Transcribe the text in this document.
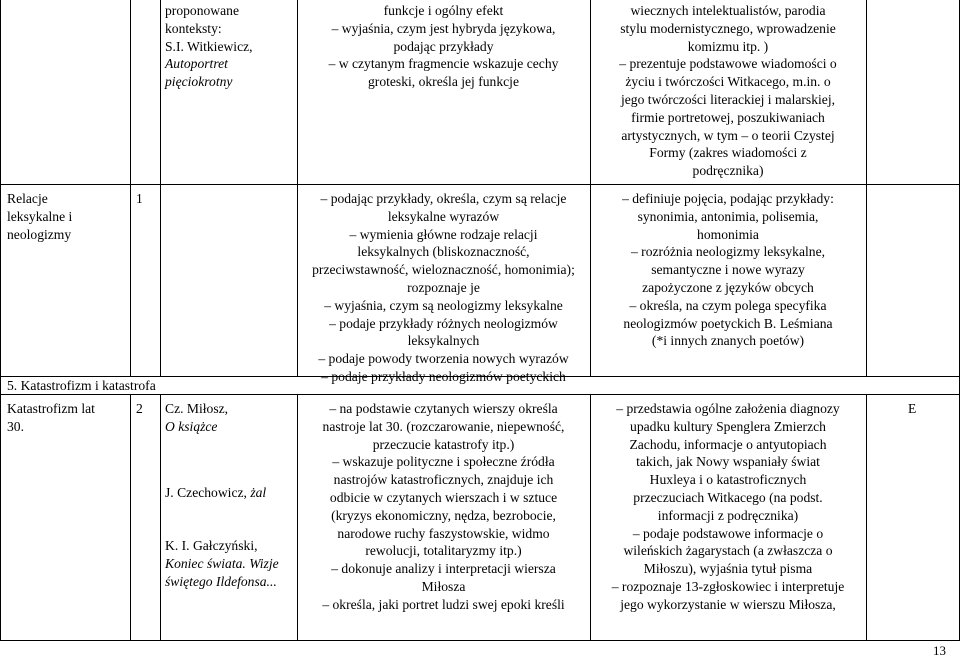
proponowane
konteksty:
S.I. Witkiewicz,
Autoportret
pięciokrotny
funkcje i ogólny efekt
– wyjaśnia, czym jest hybryda językowa,
podając przykłady
– w czytanym fragmencie wskazuje cechy
groteski, określa jej funkcje
wiecznych intelektualistów, parodia
stylu modernistycznego, wprowadzenie
komizmu itp. )
– prezentuje podstawowe wiadomości o
życiu i twórczości Witkacego, m.in. o
jego twórczości literackiej i malarskiej,
firmie portretowej, poszukiwaniach
artystycznych, w tym – o teorii Czystej
Formy (zakres wiadomości z
podręcznika)
Relacje
leksykalne i
neologizmy
1	– podając przykłady, określa, czym są relacje
leksykalne wyrazów
– wymienia główne rodzaje relacji
leksykalnych (bliskoznaczność,
przeciwstawność, wieloznaczność, homonimia);
rozpoznaje je
– wyjaśnia, czym są neologizmy leksykalne
– podaje przykłady różnych neologizmów
leksykalnych
– podaje powody tworzenia nowych wyrazów
– podaje przykłady neologizmów poetyckich
– definiuje pojęcia, podając przykłady:
synonimia, antonimia, polisemia,
homonimia
– rozróżnia neologizmy leksykalne,
semantyczne i nowe wyrazy
zapożyczone z języków obcych
– określa, na czym polega specyfika
neologizmów poetyckich B. Leśmiana
(*i innych znanych poetów)
5. Katastrofizm i katastrofa
Katastrofizm lat
30.
2 Cz. Miłosz,
O książce
J. Czechowicz, żal
K. I. Gałczyński,
Koniec świata. Wizje
świętego Ildefonsa...
– na podstawie czytanych wierszy określa
nastroje lat 30. (rozczarowanie, niepewność,
przeczucie katastrofy itp.)
– wskazuje polityczne i społeczne źródła
nastrojów katastroficznych, znajduje ich
odbicie w czytanych wierszach i w sztuce
(kryzys ekonomiczny, nędza, bezrobocie,
narodowe ruchy faszystowskie, widmo
rewolucji, totalitaryzmy itp.)
– dokonuje analizy i interpretacji wiersza
Miłosza
– określa, jaki portret ludzi swej epoki kreśli
– przedstawia ogólne założenia diagnozy
upadku kultury Spenglera Zmierzch
Zachodu, informacje o antyutopiach
takich, jak Nowy wspaniały świat
Huxleya i o katastroficznych
przeczuciach Witkacego (na podst.
informacji z podręcznika)
– podaje podstawowe informacje o
wileńskich żagarystach (a zwłaszcza o
Miłoszu), wyjaśnia tytuł pisma
– rozpoznaje 13-zgłoskowiec i interpretuje
jego wykorzystanie w wierszu Miłosza,
E
13
